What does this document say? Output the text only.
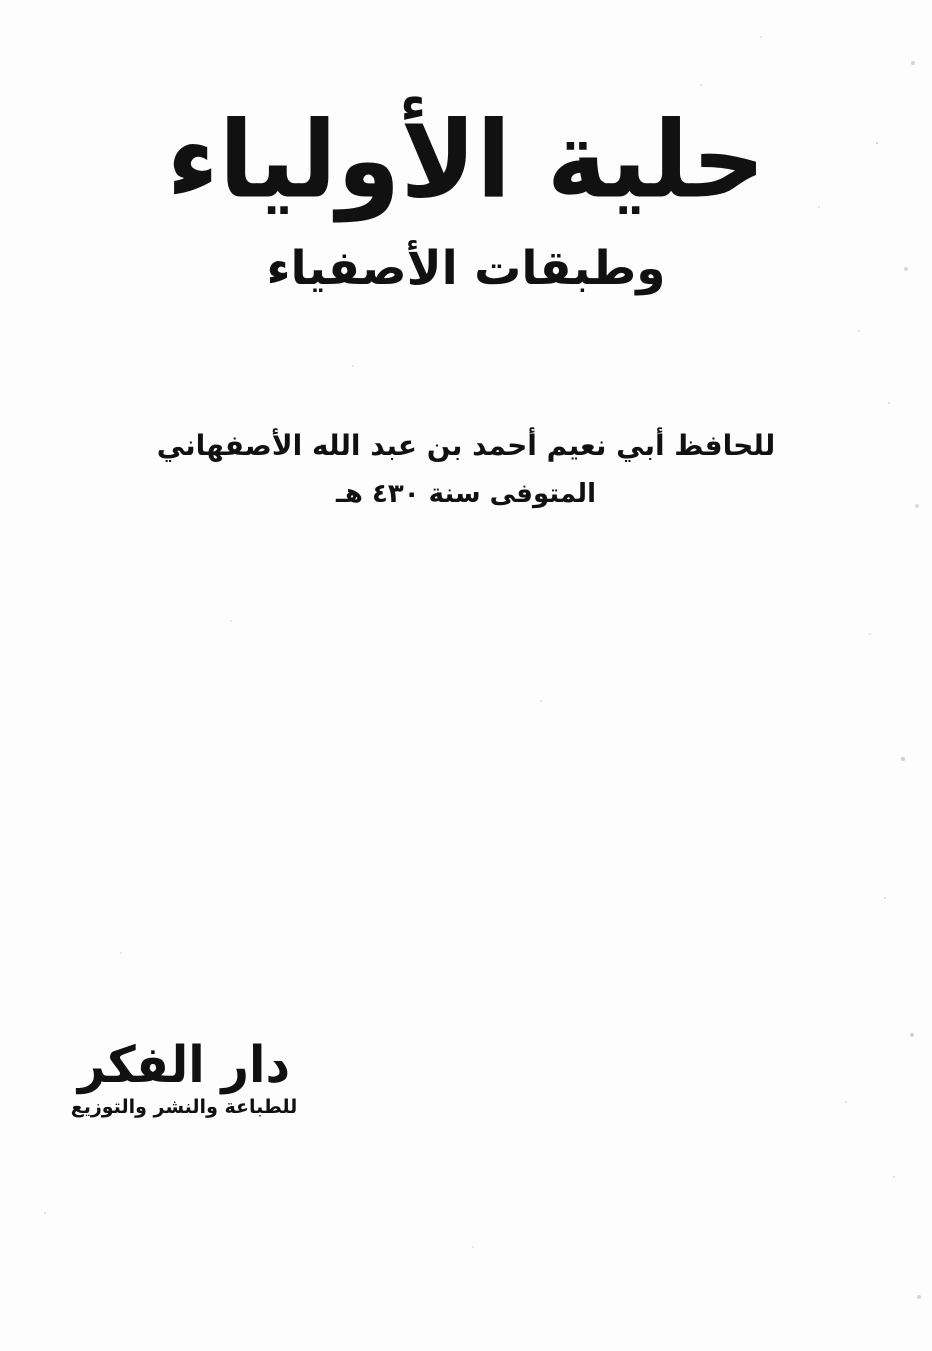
حلية الأولياء
وطبقات الأصفياء
للحافظ أبي نعيم أحمد بن عبد الله الأصفهاني
المتوفى سنة ٤٣٠ هـ
دار الفكر
للطباعة والنشر والتوزيع
